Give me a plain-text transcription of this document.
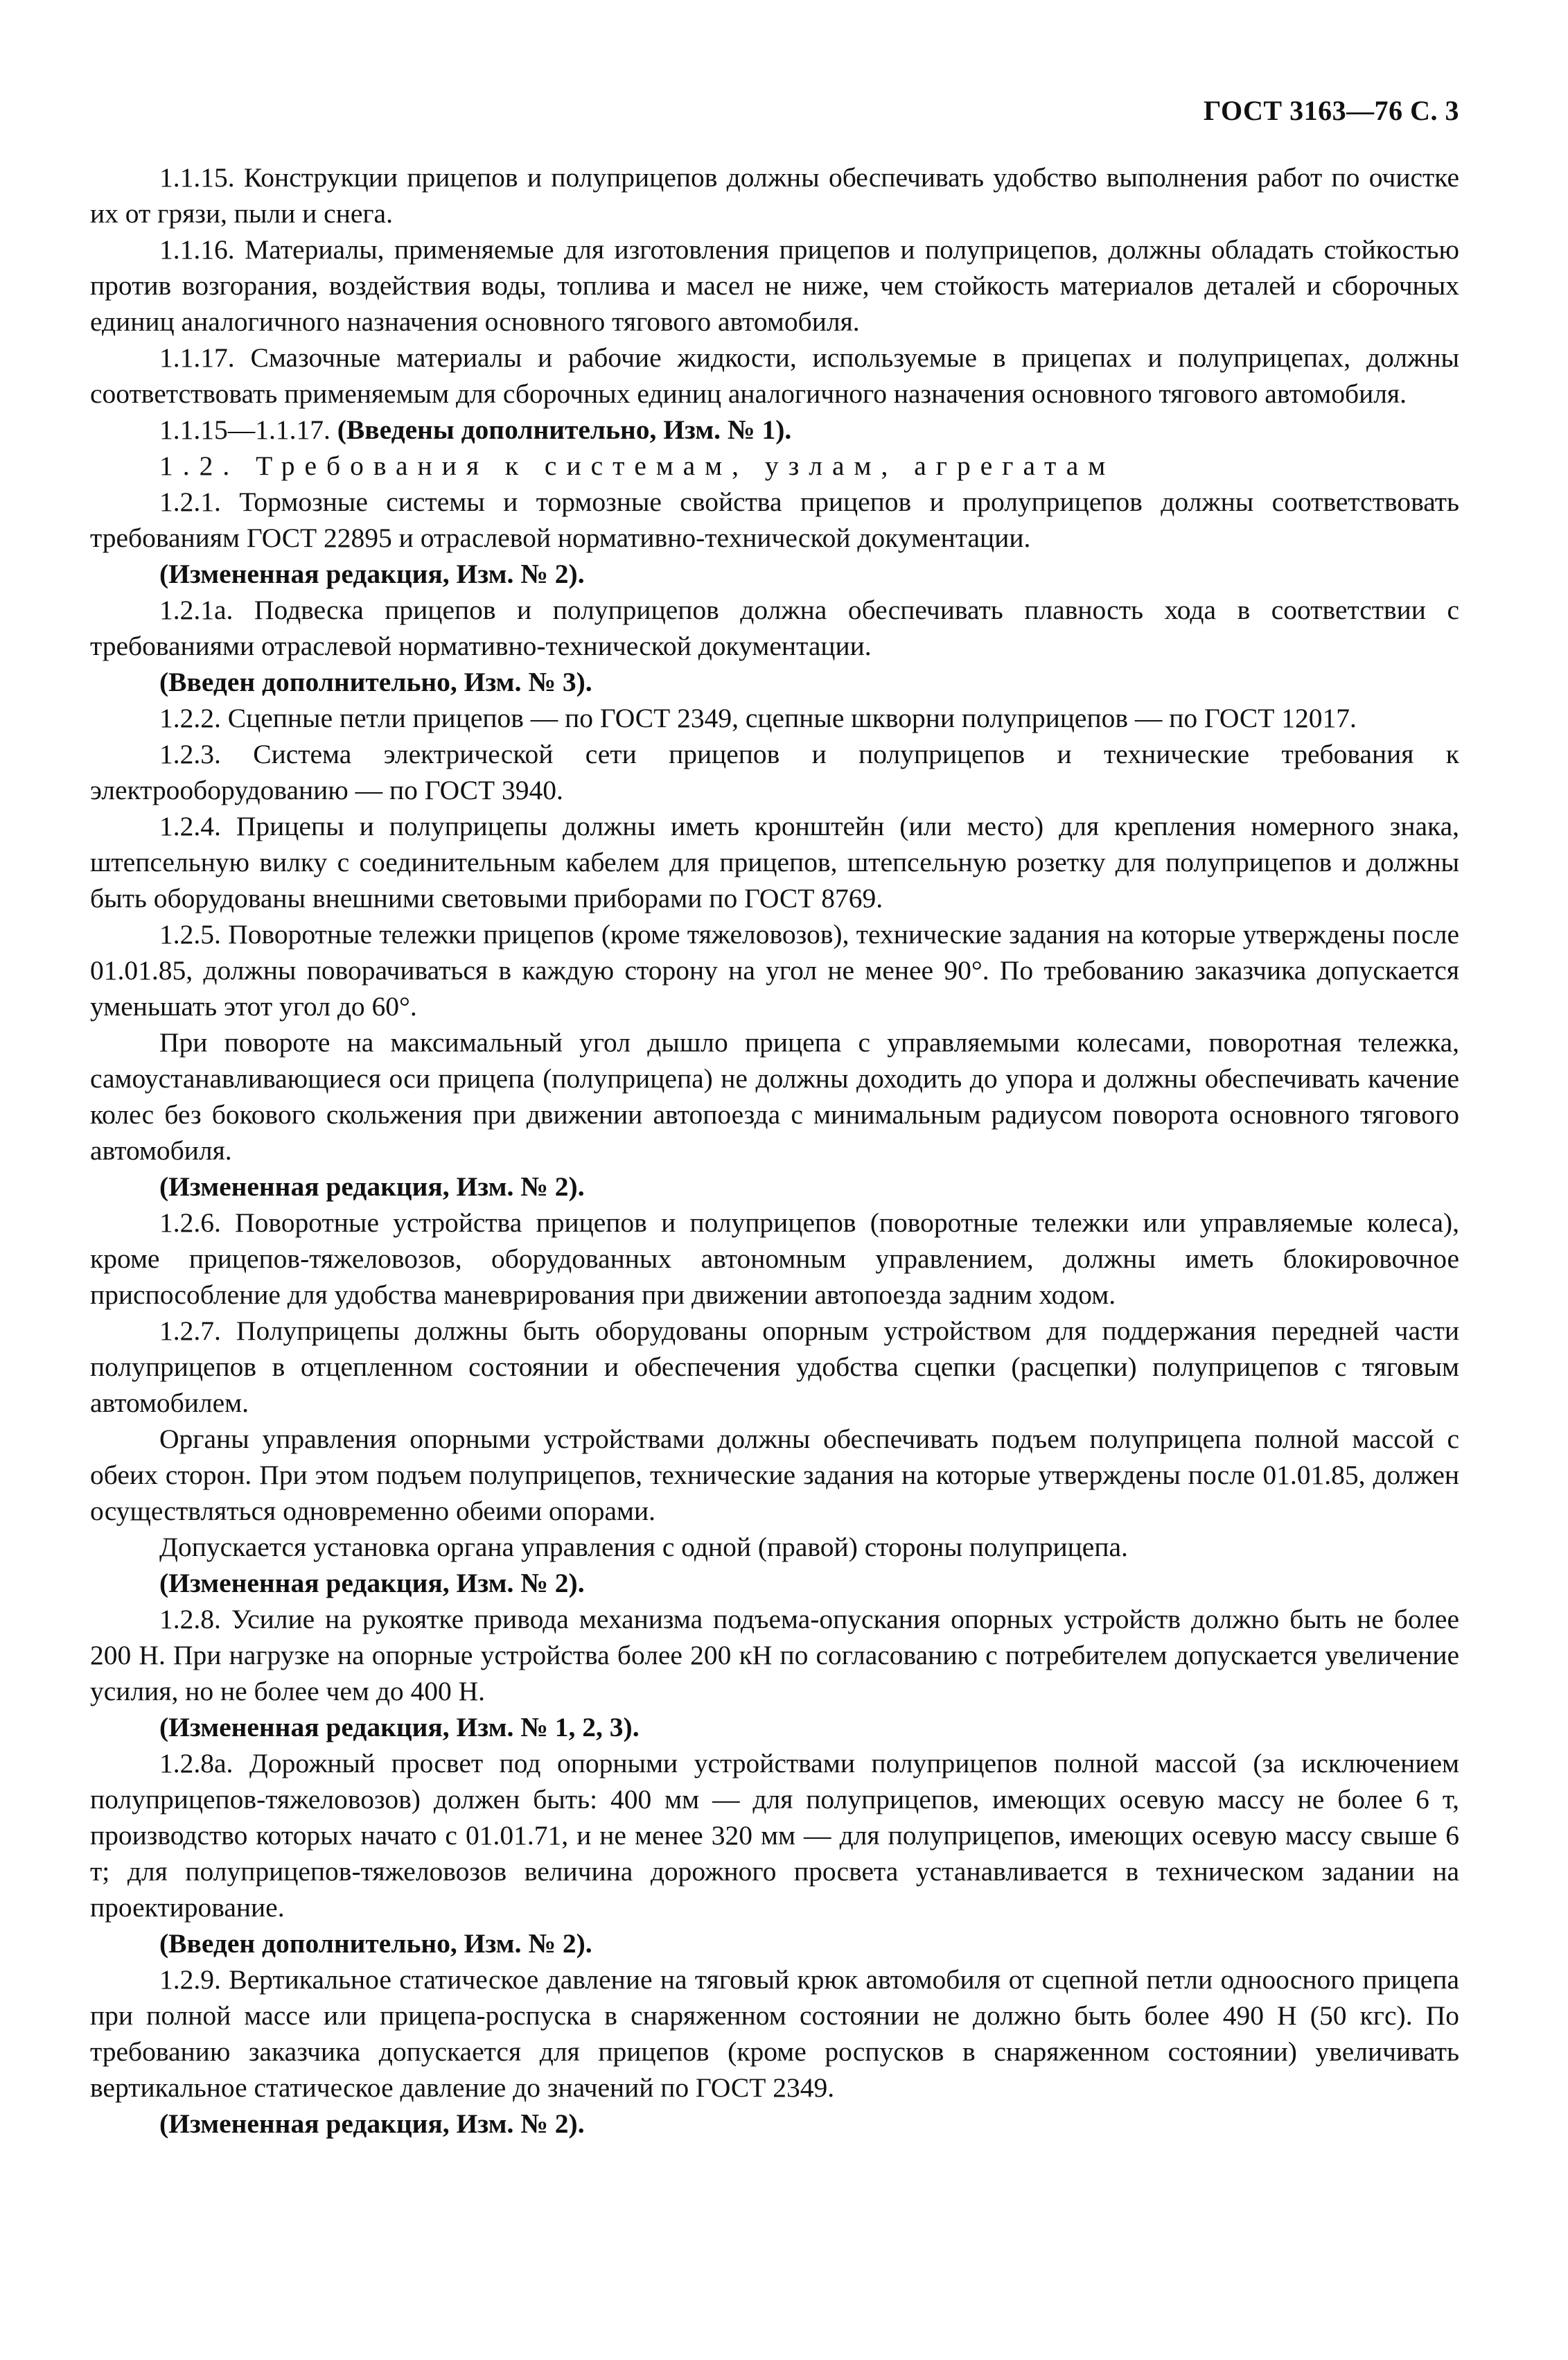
ГОСТ 3163—76 С. 3

1.1.15. Конструкции прицепов и полуприцепов должны обеспечивать удобство выполнения работ по очистке их от грязи, пыли и снега.

1.1.16. Материалы, применяемые для изготовления прицепов и полуприцепов, должны обладать стойкостью против возгорания, воздействия воды, топлива и масел не ниже, чем стойкость материалов деталей и сборочных единиц аналогичного назначения основного тягового автомобиля.

1.1.17. Смазочные материалы и рабочие жидкости, используемые в прицепах и полуприцепах, должны соответствовать применяемым для сборочных единиц аналогичного назначения основного тягового автомобиля.

1.1.15—1.1.17. (Введены дополнительно, Изм. № 1).

1.2. Требования к системам, узлам, агрегатам

1.2.1. Тормозные системы и тормозные свойства прицепов и пролуприцепов должны соответствовать требованиям ГОСТ 22895 и отраслевой нормативно-технической документации.

(Измененная редакция, Изм. № 2).

1.2.1а. Подвеска прицепов и полуприцепов должна обеспечивать плавность хода в соответствии с требованиями отраслевой нормативно-технической документации.

(Введен дополнительно, Изм. № 3).

1.2.2. Сцепные петли прицепов — по ГОСТ 2349, сцепные шкворни полуприцепов — по ГОСТ 12017.

1.2.3. Система электрической сети прицепов и полуприцепов и технические требования к электрооборудованию — по ГОСТ 3940.

1.2.4. Прицепы и полуприцепы должны иметь кронштейн (или место) для крепления номерного знака, штепсельную вилку с соединительным кабелем для прицепов, штепсельную розетку для полуприцепов и должны быть оборудованы внешними световыми приборами по ГОСТ 8769.

1.2.5. Поворотные тележки прицепов (кроме тяжеловозов), технические задания на которые утверждены после 01.01.85, должны поворачиваться в каждую сторону на угол не менее 90°. По требованию заказчика допускается уменьшать этот угол до 60°.

При повороте на максимальный угол дышло прицепа с управляемыми колесами, поворотная тележка, самоустанавливающиеся оси прицепа (полуприцепа) не должны доходить до упора и должны обеспечивать качение колес без бокового скольжения при движении автопоезда с минимальным радиусом поворота основного тягового автомобиля.

(Измененная редакция, Изм. № 2).

1.2.6. Поворотные устройства прицепов и полуприцепов (поворотные тележки или управляемые колеса), кроме прицепов-тяжеловозов, оборудованных автономным управлением, должны иметь блокировочное приспособление для удобства маневрирования при движении автопоезда задним ходом.

1.2.7. Полуприцепы должны быть оборудованы опорным устройством для поддержания передней части полуприцепов в отцепленном состоянии и обеспечения удобства сцепки (расцепки) полуприцепов с тяговым автомобилем.

Органы управления опорными устройствами должны обеспечивать подъем полуприцепа полной массой с обеих сторон. При этом подъем полуприцепов, технические задания на которые утверждены после 01.01.85, должен осуществляться одновременно обеими опорами.

Допускается установка органа управления с одной (правой) стороны полуприцепа.

(Измененная редакция, Изм. № 2).

1.2.8. Усилие на рукоятке привода механизма подъема-опускания опорных устройств должно быть не более 200 Н. При нагрузке на опорные устройства более 200 кН по согласованию с потребителем допускается увеличение усилия, но не более чем до 400 Н.

(Измененная редакция, Изм. № 1, 2, 3).

1.2.8а. Дорожный просвет под опорными устройствами полуприцепов полной массой (за исключением полуприцепов-тяжеловозов) должен быть: 400 мм — для полуприцепов, имеющих осевую массу не более 6 т, производство которых начато с 01.01.71, и не менее 320 мм — для полуприцепов, имеющих осевую массу свыше 6 т; для полуприцепов-тяжеловозов величина дорожного просвета устанавливается в техническом задании на проектирование.

(Введен дополнительно, Изм. № 2).

1.2.9. Вертикальное статическое давление на тяговый крюк автомобиля от сцепной петли одноосного прицепа при полной массе или прицепа-роспуска в снаряженном состоянии не должно быть более 490 Н (50 кгс). По требованию заказчика допускается для прицепов (кроме роспусков в снаряженном состоянии) увеличивать вертикальное статическое давление до значений по ГОСТ 2349.

(Измененная редакция, Изм. № 2).
